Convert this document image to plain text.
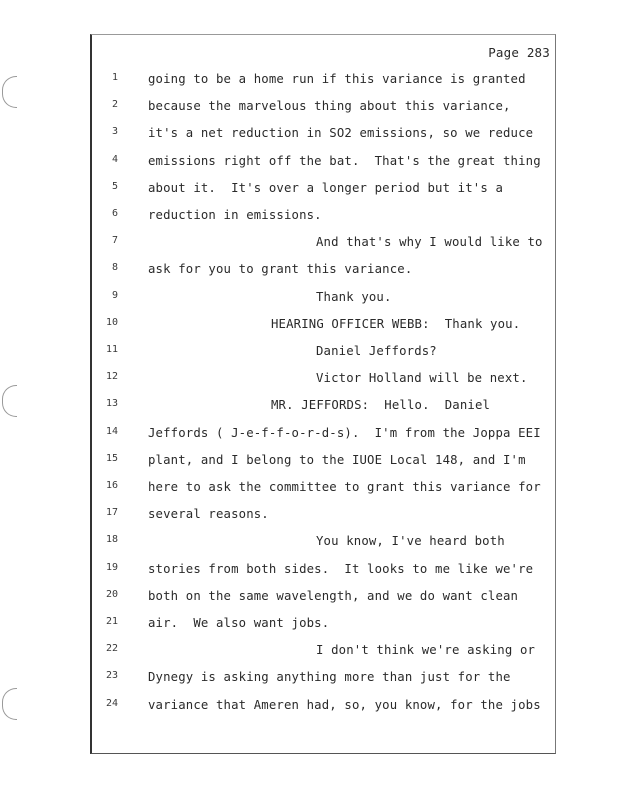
Page 283
1 going to be a home run if this variance is granted
2 because the marvelous thing about this variance,
3 it's a net reduction in SO2 emissions, so we reduce
4 emissions right off the bat.  That's the great thing
5 about it.  It's over a longer period but it's a
6 reduction in emissions.
7	And that's why I would like to
8 ask for you to grant this variance.
9	Thank you.
10	HEARING OFFICER WEBB:  Thank you.
11	Daniel Jeffords?
12	Victor Holland will be next.
13	MR. JEFFORDS:  Hello.  Daniel
14 Jeffords ( J-e-f-f-o-r-d-s).  I'm from the Joppa EEI
15 plant, and I belong to the IUOE Local 148, and I'm
16 here to ask the committee to grant this variance for
17 several reasons.
18	You know, I've heard both
19 stories from both sides.  It looks to me like we're
20 both on the same wavelength, and we do want clean
21 air.  We also want jobs.
22	I don't think we're asking or
23 Dynegy is asking anything more than just for the
24 variance that Ameren had, so, you know, for the jobs
